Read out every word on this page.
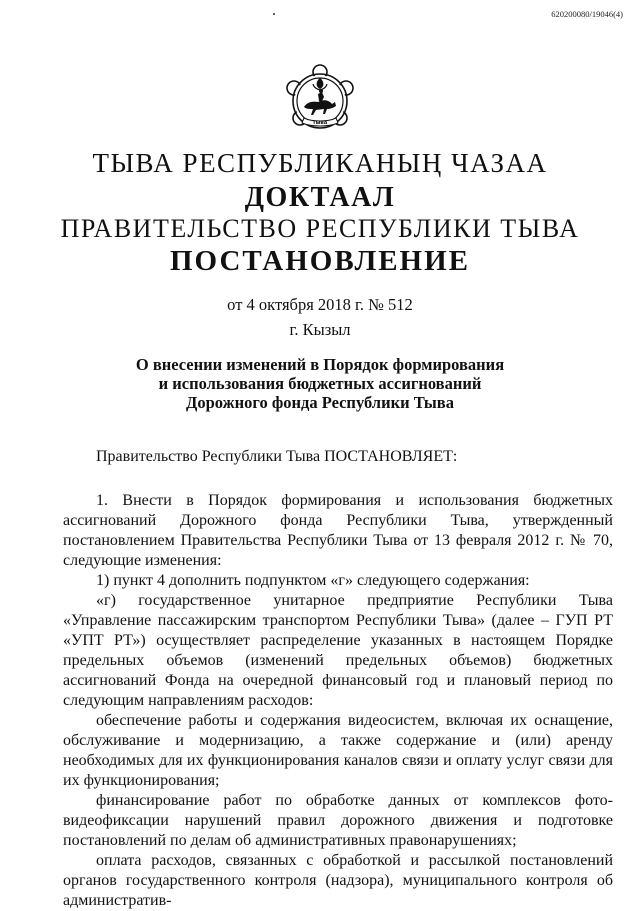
620200080/19046(4)
ТЫВА
ТЫВА РЕСПУБЛИКАНЫҢ ЧАЗАА
ДОКТААЛ
ПРАВИТЕЛЬСТВО РЕСПУБЛИКИ ТЫВА
ПОСТАНОВЛЕНИЕ
от 4 октября 2018 г. № 512
г. Кызыл
О внесении изменений в Порядок формирования
и использования бюджетных ассигнований
Дорожного фонда Республики Тыва

Правительство Республики Тыва ПОСТАНОВЛЯЕТ:

1. Внести в Порядок формирования и использования бюджетных ассигнований Дорожного фонда Республики Тыва, утвержденный постановлением Правительства Республики Тыва от 13 февраля 2012 г. № 70, следующие изменения:

1) пункт 4 дополнить подпунктом «г» следующего содержания:

«г) государственное унитарное предприятие Республики Тыва «Управление пассажирским транспортом Республики Тыва» (далее – ГУП РТ «УПТ РТ») осуществляет распределение указанных в настоящем Порядке предельных объемов (изменений предельных объемов) бюджетных ассигнований Фонда на очередной финансовый год и плановый период по следующим направлениям расходов:

обеспечение работы и содержания видеосистем, включая их оснащение, обслуживание и модернизацию, а также содержание и (или) аренду необходимых для их функционирования каналов связи и оплату услуг связи для их функционирования;

финансирование работ по обработке данных от комплексов фото-видеофиксации нарушений правил дорожного движения и подготовке постановлений по делам об административных правонарушениях;

оплата расходов, связанных с обработкой и рассылкой постановлений органов государственного контроля (надзора), муниципального контроля об административ-
